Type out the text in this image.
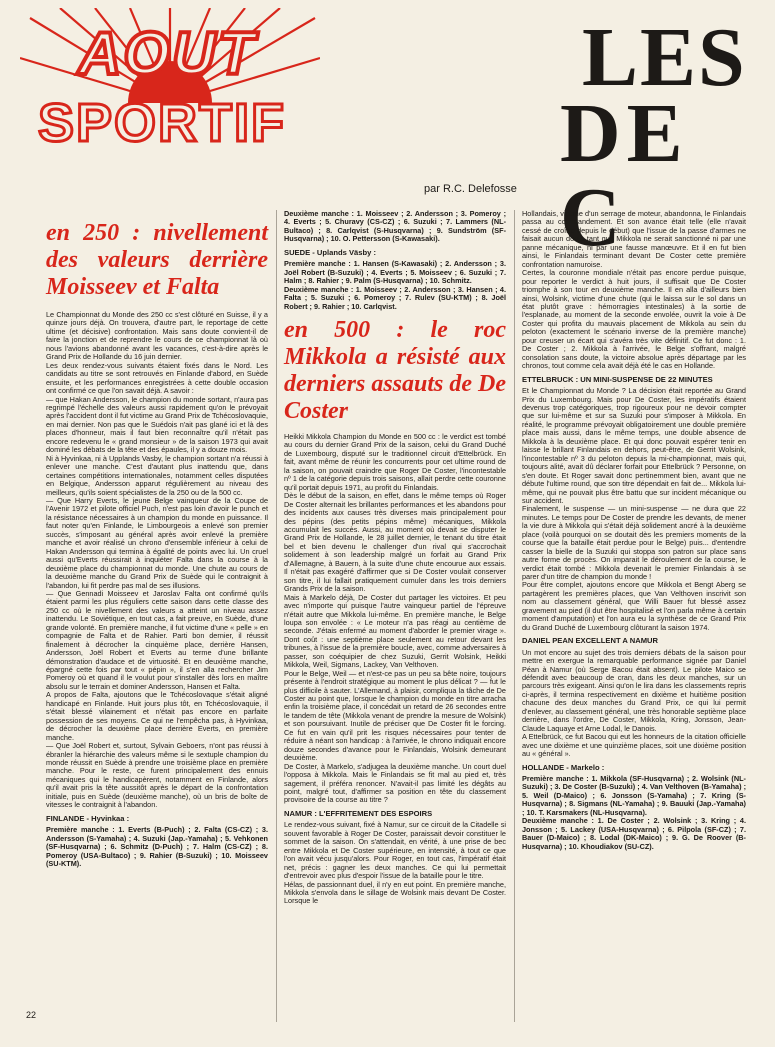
AOUT
SPORTIF
LES
DE C
par R.C. Delefosse
en 250 : nivellement des valeurs derrière Moisseev et Falta

Le Championnat du Monde des 250 cc s'est clôturé en Suisse, il y a quinze jours déjà. On trouvera, d'autre part, le reportage de cette ultime (et décisive) confrontation. Mais sans doute convient-il de faire la jonction et de reprendre le cours de ce championnat là où nous l'avions abandonné avant les vacances, c'est-à-dire après le Grand Prix de Hollande du 16 juin dernier.

Les deux rendez-vous suivants étaient fixés dans le Nord. Les candidats au titre se sont retrouvés en Finlande d'abord, en Suède ensuite, et les performances enregistrées à cette double occasion ont confirmé ce que l'on savait déjà. A savoir :

— que Hakan Andersson, le champion du monde sortant, n'aura pas regrimpé l'échelle des valeurs aussi rapidement qu'on le prévoyait après l'accident dont il fut victime au Grand Prix de Tchécoslovaquie, en mai dernier. Non pas que le Suédois n'ait pas glané ici et là des places d'honneur, mais il faut bien reconnaître qu'il n'était pas encore redevenu le « grand monsieur » de la saison 1973 qui avait dominé les débats de la tête et des épaules, il y a douze mois.

Ni à Hyvinkaa, ni à Upplands Vasby, le champion sortant n'a réussi à enlever une manche. C'est d'autant plus inattendu que, dans certaines compétitions internationales, notamment celles disputées en Belgique, Andersson apparut régulièrement au niveau des meilleurs, qu'ils soient spécialistes de la 250 ou de la 500 cc.

— Que Harry Everts, le jeune Belge vainqueur de la Coupe de l'Avenir 1972 et pilote officiel Puch, n'est pas loin d'avoir le punch et la résistance nécessaires à un champion du monde en puissance. Il faut noter qu'en Finlande, le Limbourgeois a enlevé son premier succès, s'imposant au général après avoir enlevé la première manche et avoir réalisé un chrono d'ensemble inférieur à celui de Hakan Andersson qui termina à égalité de points avec lui. Un cruel aussi qu'Everts réussirait à inquiéter Falta dans la course à la deuxième place du championnat du monde. Une chute au cours de la deuxième manche du Grand Prix de Suède qui le contraignit à l'abandon, lui fit perdre pas mal de ses illusions.

— Que Gennadi Moisseev et Jaroslav Falta ont confirmé qu'ils étaient parmi les plus réguliers cette saison dans cette classe des 250 cc où le nivellement des valeurs a atteint un niveau assez inattendu. Le Soviétique, en tout cas, a fait preuve, en Suède, d'une grande volonté. En première manche, il fut victime d'une « pelle » en compagnie de Falta et de Rahier. Parti bon dernier, il réussit finalement à décrocher la cinquième place, derrière Hansen, Andersson, Joël Robert et Everts au terme d'une brillante démonstration d'audace et de virtuosité. Et en deuxième manche, épargné cette fois par tout « pépin », il s'en alla rechercher Jim Pomeroy où et quand il le voulut pour s'installer dès lors en maître absolu sur le terrain et dominer Andersson, Hansen et Falta.

A propos de Falta, ajoutons que le Tchécoslovaque s'était aligné handicapé en Finlande. Huit jours plus tôt, en Tchécoslovaquie, il s'était blessé vilainement et n'était pas encore en parfaite possession de ses moyens. Ce qui ne l'empêcha pas, à Hyvinkaa, de décrocher la deuxième place derrière Everts, en première manche.

— Que Joël Robert et, surtout, Sylvain Geboers, n'ont pas réussi à ébranler la hiérarchie des valeurs même si le sextuple champion du monde réussit en Suède à prendre une troisième place en première manche. Pour le reste, ce furent principalement des ennuis mécaniques qui le handicapèrent, notamment en Finlande, alors qu'il avait pris la tête aussitôt après le départ de la confrontation initiale, puis en Suède (deuxième manche), où un bris de boîte de vitesses le contraignit à l'abandon.

FINLANDE - Hyvinkaa :

Première manche : 1. Everts (B-Puch) ; 2. Falta (CS-CZ) ; 3. Andersson (S-Yamaha) ; 4. Suzuki (Jap.-Yamaha) ; 5. Vehkonen (SF-Husqvarna) ; 6. Schmitz (D-Puch) ; 7. Halm (CS-CZ) ; 8. Pomeroy (USA-Bultaco) ; 9. Rahier (B-Suzuki) ; 10. Moisseev (SU-KTM).

Deuxième manche : 1. Moisseev ; 2. Andersson ; 3. Pomeroy ; 4. Everts ; 5. Churavy (CS-CZ) ; 6. Suzuki ; 7. Lammers (NL-Bultaco) ; 8. Carlqvist (S-Husqvarna) ; 9. Sundström (SF-Husqvarna) ; 10. O. Pettersson (S-Kawasaki).

SUEDE - Uplands Väsby :

Première manche : 1. Hansen (S-Kawasaki) ; 2. Andersson ; 3. Joël Robert (B-Suzuki) ; 4. Everts ; 5. Moisseev ; 6. Suzuki ; 7. Halm ; 8. Rahier ; 9. Palm (S-Husqvarna) ; 10. Schmitz.
Deuxième manche : 1. Moisseev ; 2. Andersson ; 3. Hansen ; 4. Falta ; 5. Suzuki ; 6. Pomeroy ; 7. Rulev (SU-KTM) ; 8. Joël Robert ; 9. Rahier ; 10. Carlqvist.

en 500 : le roc Mikkola a résisté aux derniers assauts de De Coster

Heikki Mikkola Champion du Monde en 500 cc : le verdict est tombé au cours du dernier Grand Prix de la saison, celui du Grand Duché de Luxembourg, disputé sur le traditionnel circuit d'Ettelbrück. En fait, avant même de réunir les concurrents pour cet ultime round de la saison, on pouvait craindre que Roger De Coster, l'incontestable nº 1 de la catégorie depuis trois saisons, allait perdre cette couronne qu'il portait depuis 1971, au profit du Finlandais.

Dès le début de la saison, en effet, dans le même temps où Roger De Coster alternait les brillantes performances et les abandons pour des incidents aux causes très diverses mais principalement pour des pépins (des petits pépins même) mécaniques, Mikkola accumulait les succès. Aussi, au moment où devait se disputer le Grand Prix de Hollande, le 28 juillet dernier, le tenant du titre était bel et bien devenu le challenger d'un rival qui s'accrochait solidement à son leadership malgré un forfait au Grand Prix d'Allemagne, à Bauern, à la suite d'une chute encourue aux essais. Il n'était pas exagéré d'affirmer que si De Coster voulait conserver son titre, il lui fallait pratiquement cumuler dans les trois derniers Grands Prix de la saison.

Mais à Markelo déjà, De Coster dut partager les victoires. Et peu avec n'importe qui puisque l'autre vainqueur partiel de l'épreuve n'était autre que Mikkola lui-même. En première manche, le Belge loupa son envolée : « Le moteur n'a pas réagi au centième de seconde. J'étais enfermé au moment d'aborder le premier virage ». Dont coût : une septième place seulement au retour devant les tribunes, à l'issue de la première boucle, avec, comme adversaires à passer, son coéquipier de chez Suzuki, Gerrit Wolsink, Heikki Mikkola, Weil, Sigmans, Lackey, Van Velthoven.

Pour le Belge, Weil — et n'est-ce pas un peu sa bête noire, toujours présente à l'endroit stratégique au moment le plus délicat ? — fut le plus difficile à sauter. L'Allemand, à plaisir, compliqua la tâche de De Coster au point que, lorsque le champion du monde en titre arracha enfin la troisième place, il concédait un retard de 26 secondes entre le tandem de tête (Mikkola venant de prendre la mesure de Wolsink) et son poursuivant. Inutile de préciser que De Coster fit le forcing. Ce fut en vain qu'il prit les risques nécessaires pour tenter de réduire à néant son handicap : à l'arrivée, le chrono indiquait encore douze secondes d'avance pour le Finlandais, Wolsink demeurant deuxième.

De Coster, à Markelo, s'adjugea la deuxième manche. Un court duel l'opposa à Mikkola. Mais le Finlandais se fit mal au pied et, très sagement, il préféra renoncer. N'avait-il pas limité les dégâts au point, malgré tout, d'affirmer sa position en tête du classement provisoire de la course au titre ?

NAMUR : L'EFFRITEMENT DES ESPOIRS

Le rendez-vous suivant, fixé à Namur, sur ce circuit de la Citadelle si souvent favorable à Roger De Coster, paraissait devoir constituer le sommet de la saison. On s'attendait, en vérité, à une prise de bec entre Mikkola et De Coster supérieure, en intensité, à tout ce que l'on avait vécu jusqu'alors. Pour Roger, en tout cas, l'impératif était net, précis : gagner les deux manches. Ce qui lui permettait d'entrevoir avec plus d'espoir l'issue de la bataille pour le titre.
Hélas, de passionnant duel, il n'y en eut point. En première manche, Mikkola s'envola dans le sillage de Wolsink mais devant De Coster. Lorsque le

Hollandais, victime d'un serrage de moteur, abandonna, le Finlandais passa au commandement. Et son avance était telle (elle n'avait cessé de croître depuis le début) que l'issue de la passe d'armes ne faisait aucun doute tant que Mikkola ne serait sanctionné ni par une panne mécanique, ni par une fausse manœuvre. Et il en fut bien ainsi, le Finlandais terminant devant De Coster cette première confrontation namuroise.

Certes, la couronne mondiale n'était pas encore perdue puisque, pour reporter le verdict à huit jours, il suffisait que De Coster triomphe à son tour en deuxième manche. Il en alla d'ailleurs bien ainsi, Wolsink, victime d'une chute (qui le laissa sur le sol dans un état plutôt grave : hémorragies intestinales) à la sortie de l'esplanade, au moment de la seconde envolée, ouvrit la voie à De Coster qui profita du mauvais placement de Mikkola au sein du peloton (exactement le scénario inverse de la première manche) pour creuser un écart qui s'avéra très vite définitif. Ce fut donc : 1. De Coster ; 2. Mikkola à l'arrivée, le Belge s'offrant, malgré consolation sans doute, la victoire absolue après départage par les chronos, tout comme cela avait déjà été le cas en Hollande.

ETTELBRUCK : UN MINI-SUSPENSE DE 22 MINUTES

Et le Championnat du Monde ? La décision était reportée au Grand Prix du Luxembourg. Mais pour De Coster, les impératifs étaient devenus trop catégoriques, trop rigoureux pour ne devoir compter que sur lui-même et sur sa Suzuki pour s'imposer à Mikkola. En réalité, le programme prévoyait obligatoirement une double première place mais aussi, dans le même temps, une double absence de Mikkola à la deuxième place. Et qui donc pouvait espérer tenir en laisse le brillant Finlandais en dehors, peut-être, de Gerrit Wolsink, l'incontestable nº 3 du peloton depuis la mi-championnat, mais qui, toujours alité, avait dû déclarer forfait pour Ettelbrück ? Personne, on s'en doute. Et Roger savait donc pertinemment bien, avant que ne débute l'ultime round, que son titre dépendait en fait de... Mikkola lui-même, qui ne pouvait plus être battu que sur incident mécanique ou sur accident.

Finalement, le suspense — un mini-suspense — ne dura que 22 minutes. Le temps pour De Coster de prendre les devants, de mener la vie dure à Mikkola qui s'était déjà solidement ancré à la deuxième place (voilà pourquoi on se doutait dès les premiers moments de la course que la bataille était perdue pour le Belge) puis... d'entendre casser la bielle de la Suzuki qui stoppa son patron sur place sans autre forme de procès. On imparait le déroulement de la course, le verdict était tombé : Mikkola devenait le premier Finlandais à se parer d'un titre de champion du monde !

Pour être complet, ajoutons encore que Mikkola et Bengt Aberg se partagèrent les premières places, que Van Velthoven inscrivit son nom au classement général, que Willi Bauer fut blessé assez gravement au pied (il dut être hospitalisé et l'on parla même à certain moment d'amputation) et l'on aura eu la synthèse de ce Grand Prix du Grand Duché de Luxembourg clôturant la saison 1974.

DANIEL PEAN EXCELLENT A NAMUR

Un mot encore au sujet des trois derniers débats de la saison pour mettre en exergue la remarquable performance signée par Daniel Péan à Namur (où Serge Bacou était absent). Le pilote Maico se défendit avec beaucoup de cran, dans les deux manches, sur un parcours très exigeant. Ainsi qu'on le lira dans les classements repris ci-après, il termina respectivement en dixième et huitième position chacune des deux manches du Grand Prix, ce qui lui permit d'enlever, au classement général, une très honorable septième place derrière, dans l'ordre, De Coster, Mikkola, Kring, Jonsson, Jean-Claude Laquaye et Arne Lodal, le Danois.
A Ettelbrück, ce fut Bacou qui eut les honneurs de la citation officielle avec une dixième et une quinzième places, soit une dixième position au « général ».

HOLLANDE - Markelo :

Première manche : 1. Mikkola (SF-Husqvarna) ; 2. Wolsink (NL-Suzuki) ; 3. De Coster (B-Suzuki) ; 4. Van Velthoven (B-Yamaha) ; 5. Weil (D-Maico) ; 6. Jonsson (S-Yamaha) ; 7. Kring (S-Husqvarna) ; 8. Sigmans (NL-Yamaha) ; 9. Bauuki (Jap.-Yamaha) ; 10. T. Karsmakers (NL-Husqvarna).
Deuxième manche : 1. De Coster ; 2. Wolsink ; 3. Kring ; 4. Jonsson ; 5. Lackey (USA-Husqvarna) ; 6. Pilpola (SF-CZ) ; 7. Bauer (D-Maico) ; 8. Lodal (DK-Maico) ; 9. G. De Roover (B-Husqvarna) ; 10. Khoudiakov (SU-CZ).

22
